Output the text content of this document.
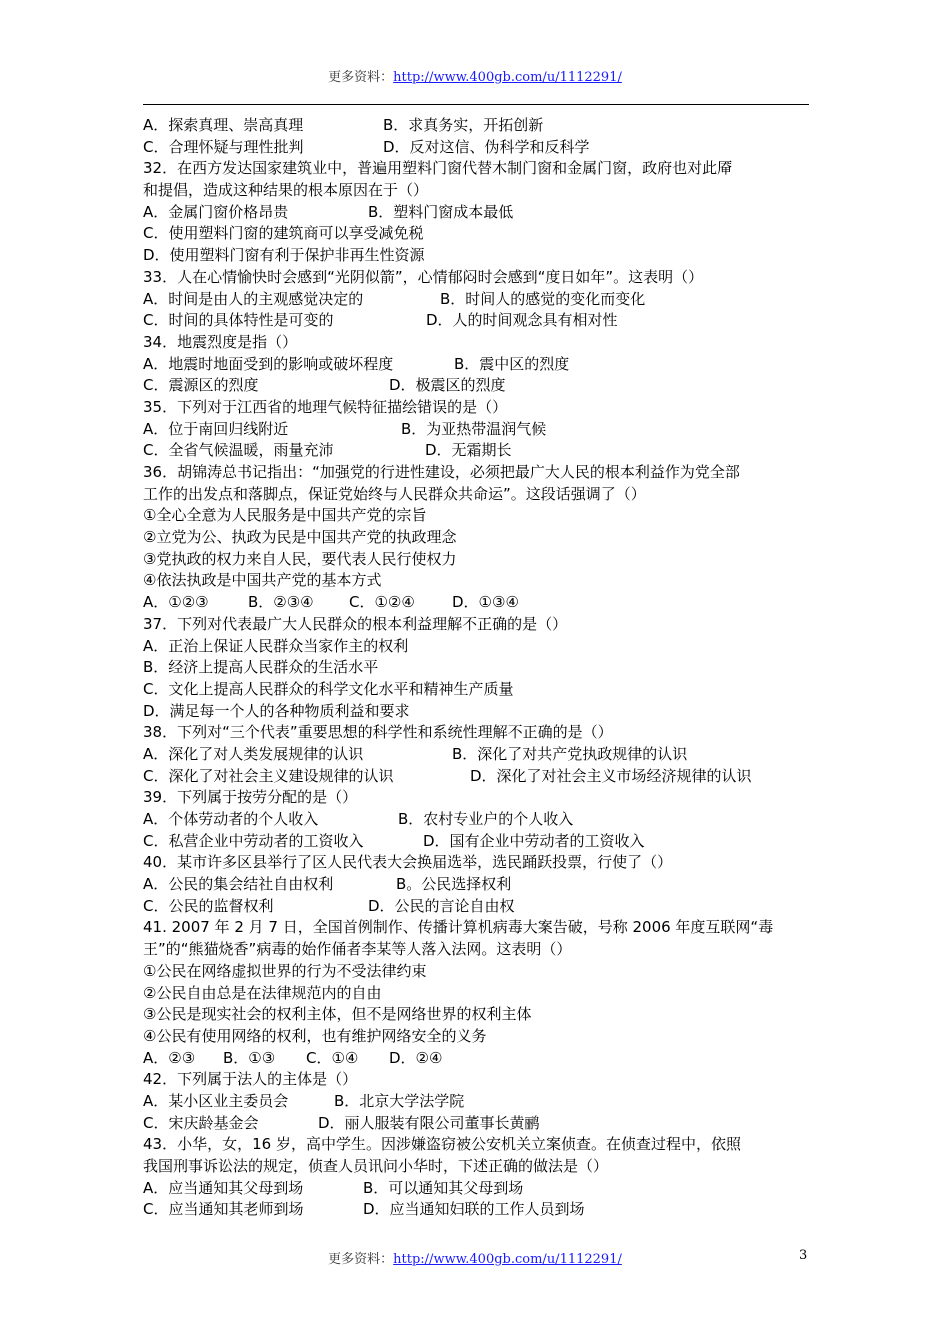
更多资料：http://www.400gb.com/u/1112291/
A．探索真理、崇高真理	B．求真务实，开拓创新
C．合理怀疑与理性批判	D．反对这信、伪科学和反科学
32．在西方发达国家建筑业中，普遍用塑料门窗代替木制门窗和金属门窗，政府也对此厣
和提倡，造成这种结果的根本原因在于（）
A．金属门窗价格昂贵	B．塑料门窗成本最低
C．使用塑料门窗的建筑商可以享受减免税
D．使用塑料门窗有利于保护非再生性资源
33．人在心情愉快时会感到“光阴似箭”，心情郁闷时会感到“度日如年”。这表明（）
A．时间是由人的主观感觉决定的	B．时间人的感觉的变化而变化
C．时间的具体特性是可变的	D．人的时间观念具有相对性
34．地震烈度是指（）
A．地震时地面受到的影响或破坏程度	B．震中区的烈度
C．震源区的烈度	D．极震区的烈度
35．下列对于江西省的地理气候特征描绘错误的是（）
A．位于南回归线附近	B．为亚热带温润气候
C．全省气候温暖，雨量充沛	D．无霜期长
36．胡锦涛总书记指出：“加强党的行进性建设，必须把最广大人民的根本利益作为党全部
工作的出发点和落脚点，保证党始终与人民群众共命运”。这段话强调了（）
①全心全意为人民服务是中国共产党的宗旨
②立党为公、执政为民是中国共产党的执政理念
③党执政的权力来自人民，要代表人民行使权力
④依法执政是中国共产党的基本方式
A．①②③	B．②③④ C．①②④ D．①③④
37．下列对代表最广大人民群众的根本利益理解不正确的是（）
A．正治上保证人民群众当家作主的权利
B．经济上提高人民群众的生活水平
C．文化上提高人民群众的科学文化水平和精神生产质量
D．满足每一个人的各种物质利益和要求
38．下列对“三个代表”重要思想的科学性和系统性理解不正确的是（）
A．深化了对人类发展规律的认识	B．深化了对共产党执政规律的认识
C．深化了对社会主义建设规律的认识	D．深化了对社会主义市场经济规律的认识
39．下列属于按劳分配的是（）
A．个体劳动者的个人收入	B．农村专业户的个人收入
C．私营企业中劳动者的工资收入	D．国有企业中劳动者的工资收入
40．某市许多区县举行了区人民代表大会换届选举，选民踊跃投票，行使了（）
A．公民的集会结社自由权利	B。公民选择权利
C．公民的监督权利	D．公民的言论自由权
41. 2007 年 2 月 7 日，全国首例制作、传播计算机病毒大案告破，号称 2006 年度互联网“毒
王”的“熊猫烧香”病毒的始作俑者李某等人落入法网。这表明（）
①公民在网络虚拟世界的行为不受法律约束
②公民自由总是在法律规范内的自由
③公民是现实社会的权利主体，但不是网络世界的权利主体
④公民有使用网络的权利，也有维护网络安全的义务
A．②③ B．①③ C．①④ D．②④
42．下列属于法人的主体是（）
A．某小区业主委员会	B．北京大学法学院
C．宋庆龄基金会	D．丽人服装有限公司董事长黄鹂
43．小华，女，16 岁，高中学生。因涉嫌盗窃被公安机关立案侦查。在侦查过程中，依照
我国刑事诉讼法的规定，侦查人员讯问小华时，下述正确的做法是（）
A．应当通知其父母到场	B．可以通知其父母到场
C．应当通知其老师到场	D．应当通知妇联的工作人员到场
更多资料：http://www.400gb.com/u/1112291/	3
